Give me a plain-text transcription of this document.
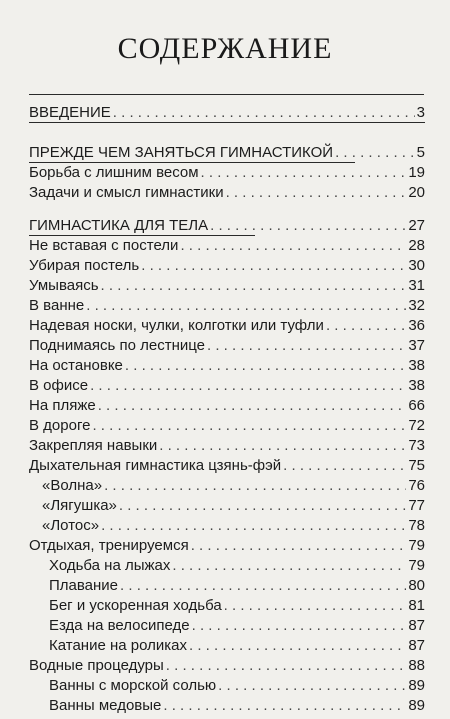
СОДЕРЖАНИЕ
ВВЕДЕНИЕ . . .	3
ПРЕЖДЕ ЧЕМ ЗАНЯТЬСЯ ГИМНАСТИКОЙ . . .	5
Борьба с лишним весом . . .	19
Задачи и смысл гимнастики . . .	20
ГИМНАСТИКА ДЛЯ ТЕЛА . . .	27
Не вставая с постели . . .	28
Убирая постель . . .	30
Умываясь . . .	31
В ванне . . .	32
Надевая носки, чулки, колготки или туфли . . .	36
Поднимаясь по лестнице . . .	37
На остановке . . .	38
В офисе . . .	38
На пляже . . .	66
В дороге . . .	72
Закрепляя навыки . . .	73
Дыхательная гимнастика цзянь-фэй . . .	75
«Волна» . . .	76
«Лягушка» . . .	77
«Лотос» . . .	78
Отдыхая, тренируемся . . .	79
Ходьба на лыжах . . .	79
Плавание . . .	80
Бег и ускоренная ходьба . . .	81
Езда на велосипеде . . .	87
Катание на роликах . . .	87
Водные процедуры . . .	88
Ванны с морской солью . . .	89
Ванны медовые . . .	89
